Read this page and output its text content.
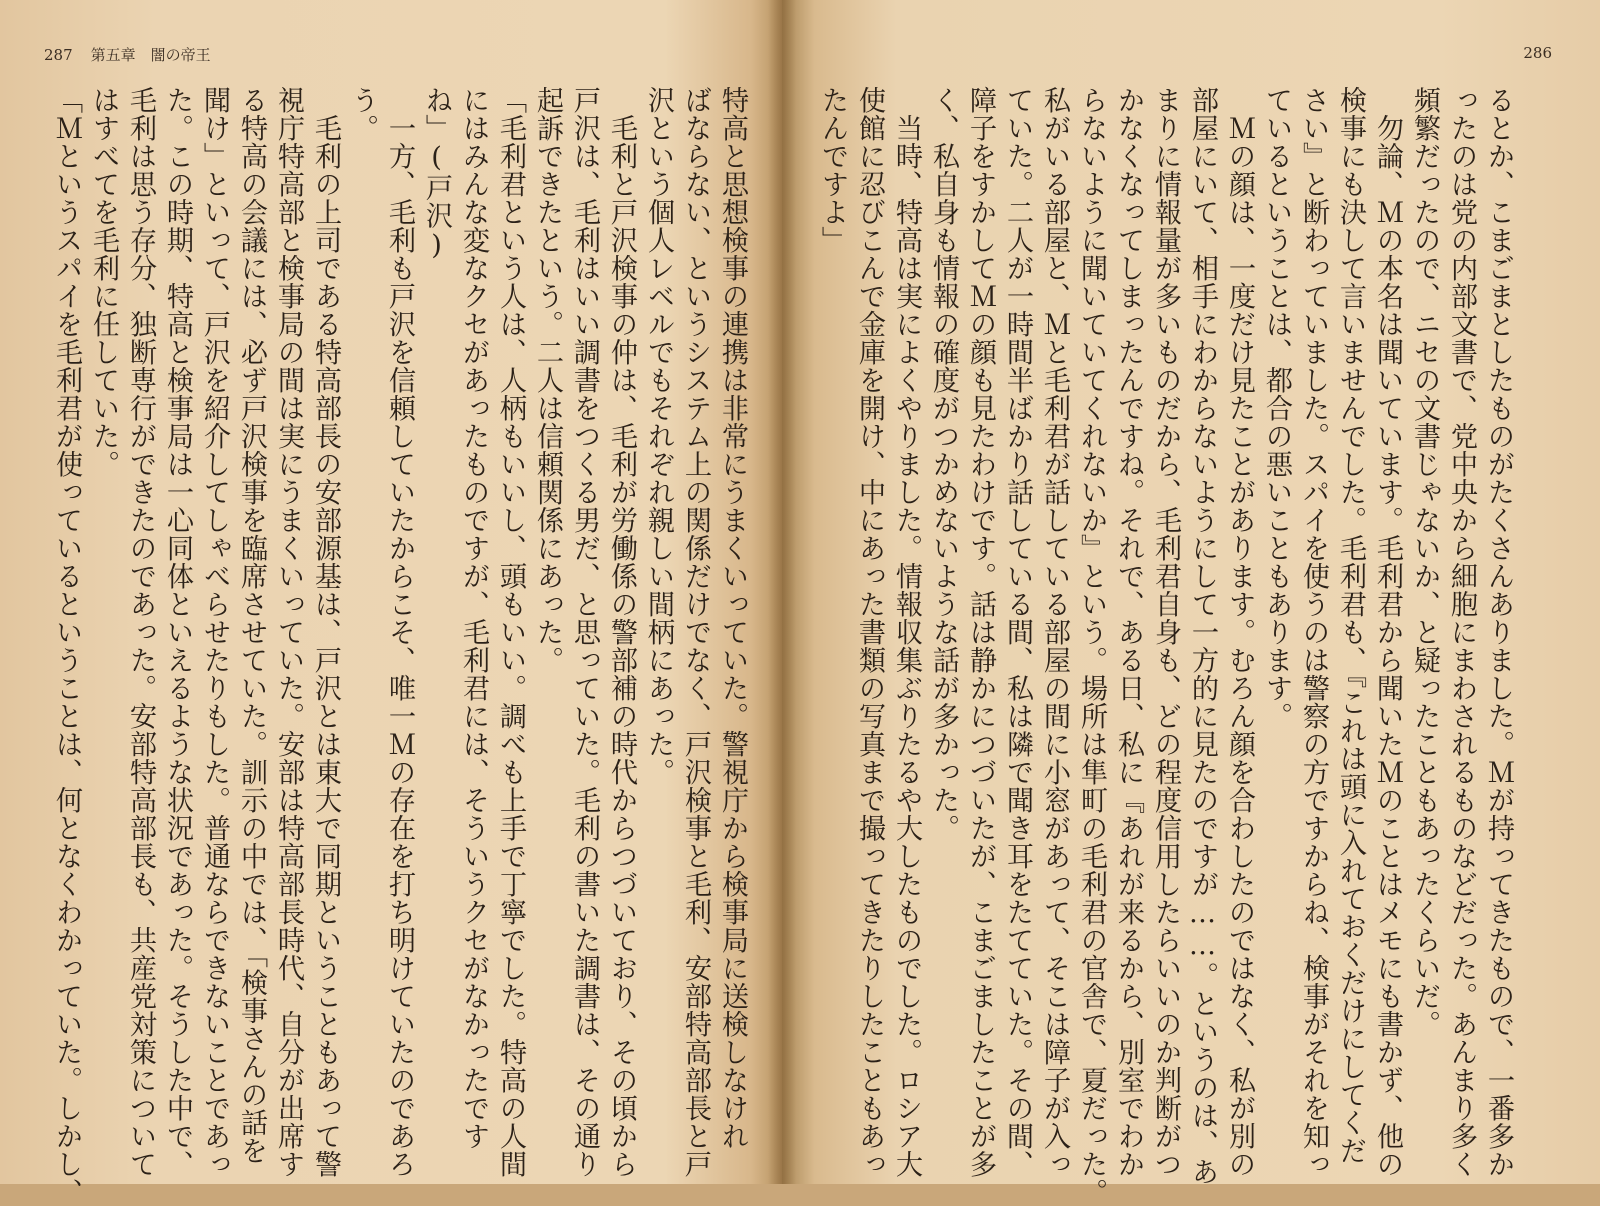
287 第五章　闇の帝王
特高と思想検事の連携は非常にうまくいっていた。警視庁から検事局に送検しなけれ
ばならない、というシステム上の関係だけでなく、戸沢検事と毛利、安部特高部長と戸
沢という個人レベルでもそれぞれ親しい間柄にあった。
　毛利と戸沢検事の仲は、毛利が労働係の警部補の時代からつづいており、その頃から
戸沢は、毛利はいい調書をつくる男だ、と思っていた。毛利の書いた調書は、その通り
起訴できたという。二人は信頼関係にあった。
「毛利君という人は、人柄もいいし、頭もいい。調べも上手で丁寧でした。特高の人間
にはみんな変なクセがあったものですが、毛利君には、そういうクセがなかったです
ね」(戸沢)
　一方、毛利も戸沢を信頼していたからこそ、唯一Ｍの存在を打ち明けていたのであろ
う。
　毛利の上司である特高部長の安部源基は、戸沢とは東大で同期ということもあって警
視庁特高部と検事局の間は実にうまくいっていた。安部は特高部長時代、自分が出席す
る特高の会議には、必ず戸沢検事を臨席させていた。訓示の中では、「検事さんの話を
聞け」といって、戸沢を紹介してしゃべらせたりもした。普通ならできないことであっ
た。この時期、特高と検事局は一心同体といえるような状況であった。そうした中で、
毛利は思う存分、独断専行ができたのであった。安部特高部長も、共産党対策について
はすべてを毛利に任していた。
「Ｍというスパイを毛利君が使っているということは、何となくわかっていた。しかし、
286
るとか、こまごまとしたものがたくさんありました。Ｍが持ってきたもので、一番多か
ったのは党の内部文書で、党中央から細胞にまわされるものなどだった。あんまり多く
頻繁だったので、ニセの文書じゃないか、と疑ったこともあったくらいだ。
　勿論、Ｍの本名は聞いています。毛利君から聞いたＭのことはメモにも書かず、他の
検事にも決して言いませんでした。毛利君も、『これは頭に入れておくだけにしてくだ
さい』と断わっていました。スパイを使うのは警察の方ですからね、検事がそれを知っ
ているということは、都合の悪いこともあります。
　Ｍの顔は、一度だけ見たことがあります。むろん顔を合わしたのではなく、私が別の
部屋にいて、相手にわからないようにして一方的に見たのですが……。というのは、あ
まりに情報量が多いものだから、毛利君自身も、どの程度信用したらいいのか判断がつ
かなくなってしまったんですね。それで、ある日、私に『あれが来るから、別室でわか
らないように聞いていてくれないか』という。場所は隼町の毛利君の官舎で、夏だった。
私がいる部屋と、Ｍと毛利君が話している部屋の間に小窓があって、そこは障子が入っ
ていた。二人が一時間半ばかり話している間、私は隣で聞き耳をたてていた。その間、
障子をすかしてＭの顔も見たわけです。話は静かにつづいたが、こまごましたことが多
く、私自身も情報の確度がつかめないような話が多かった。
　当時、特高は実によくやりました。情報収集ぶりたるや大したものでした。ロシア大
使館に忍びこんで金庫を開け、中にあった書類の写真まで撮ってきたりしたこともあっ
たんですよ」
